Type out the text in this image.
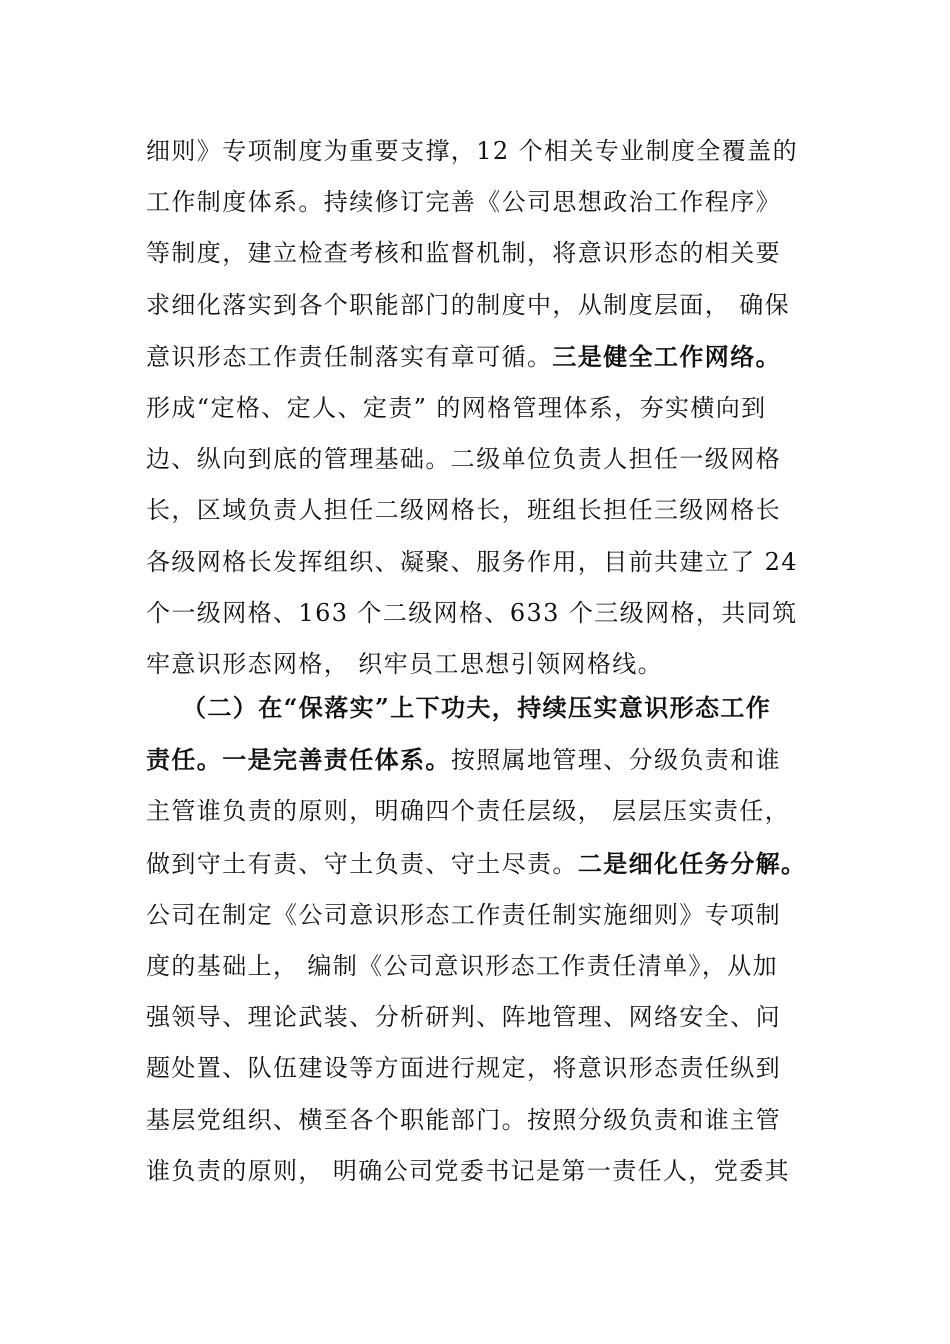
细则》专项制度为重要支撑，12 个相关专业制度全覆盖的
工作制度体系。持续修订完善《公司思想政治工作程序》
等制度，建立检查考核和监督机制，将意识形态的相关要
求细化落实到各个职能部门的制度中，从制度层面， 确保
意识形态工作责任制落实有章可循。三是健全工作网络。
形成“定格、定人、定责” 的网格管理体系，夯实横向到
边、纵向到底的管理基础。二级单位负责人担任一级网格
长，区域负责人担任二级网格长，班组长担任三级网格长
各级网格长发挥组织、凝聚、服务作用，目前共建立了 24
个一级网格、163 个二级网格、633 个三级网格，共同筑
牢意识形态网格， 织牢员工思想引领网格线。
（二）在“保落实”上下功夫，持续压实意识形态工作
责任。一是完善责任体系。按照属地管理、分级负责和谁
主管谁负责的原则，明确四个责任层级， 层层压实责任，
做到守土有责、守土负责、守土尽责。二是细化任务分解。
公司在制定《公司意识形态工作责任制实施细则》专项制
度的基础上， 编制《公司意识形态工作责任清单》，从加
强领导、理论武装、分析研判、阵地管理、网络安全、问
题处置、队伍建设等方面进行规定，将意识形态责任纵到
基层党组织、横至各个职能部门。按照分级负责和谁主管
谁负责的原则， 明确公司党委书记是第一责任人，党委其
